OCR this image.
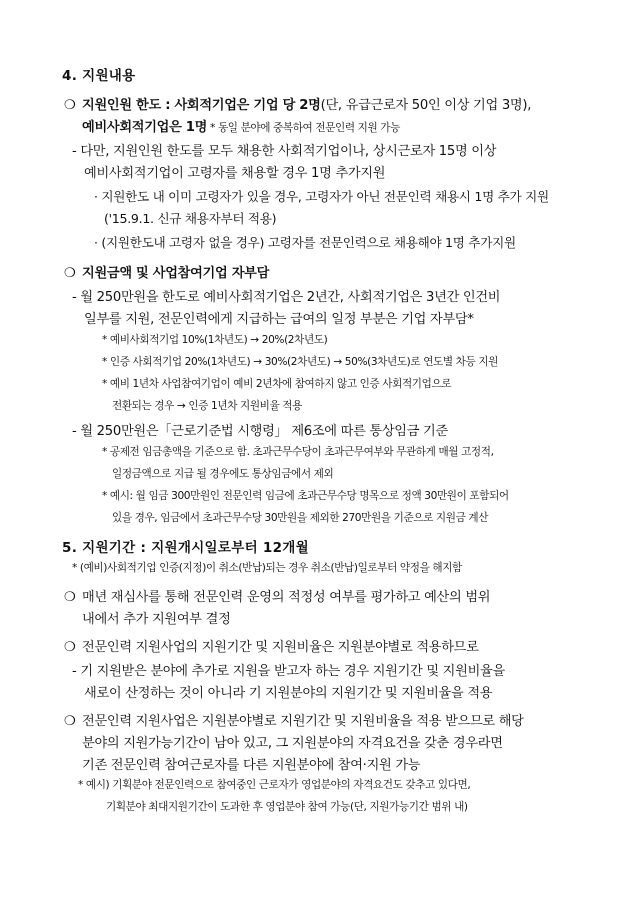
4. 지원내용
❍ 지원인원 한도 : 사회적기업은 기업 당 2명(단, 유급근로자 50인 이상 기업 3명),
예비사회적기업은 1명 * 동일 분야에 중복하여 전문인력 지원 가능
- 다만, 지원인원 한도를 모두 채용한 사회적기업이나, 상시근로자 15명 이상
예비사회적기업이 고령자를 채용할 경우 1명 추가지원
· 지원한도 내 이미 고령자가 있을 경우, 고령자가 아닌 전문인력 채용시 1명 추가 지원
('15.9.1. 신규 채용자부터 적용)
· (지원한도내 고령자 없을 경우) 고령자를 전문인력으로 채용해야 1명 추가지원
❍ 지원금액 및 사업참여기업 자부담
- 월 250만원을 한도로 예비사회적기업은 2년간, 사회적기업은 3년간 인건비
일부를 지원, 전문인력에게 지급하는 급여의 일정 부분은 기업 자부담*
* 예비사회적기업 10%(1차년도) → 20%(2차년도)
* 인증 사회적기업 20%(1차년도) → 30%(2차년도) → 50%(3차년도)로 연도별 차등 지원
* 예비 1년차 사업참여기업이 예비 2년차에 참여하지 않고 인증 사회적기업으로
전환되는 경우 → 인증 1년차 지원비율 적용
- 월 250만원은「근로기준법 시행령」 제6조에 따른 통상임금 기준
* 공제전 임금총액을 기준으로 함. 초과근무수당이 초과근무여부와 무관하게 매월 고정적,
일정금액으로 지급 될 경우에도 통상임금에서 제외
* 예시: 월 임금 300만원인 전문인력 임금에 초과근무수당 명목으로 정액 30만원이 포함되어
있을 경우, 임금에서 초과근무수당 30만원을 제외한 270만원을 기준으로 지원금 계산
5. 지원기간 : 지원개시일로부터 12개월
* (예비)사회적기업 인증(지정)이 취소(반납)되는 경우 취소(반납)일로부터 약정을 해지함
❍ 매년 재심사를 통해 전문인력 운영의 적정성 여부를 평가하고 예산의 범위
내에서 추가 지원여부 결정
❍ 전문인력 지원사업의 지원기간 및 지원비율은 지원분야별로 적용하므로
- 기 지원받은 분야에 추가로 지원을 받고자 하는 경우 지원기간 및 지원비율을
새로이 산정하는 것이 아니라 기 지원분야의 지원기간 및 지원비율을 적용
❍ 전문인력 지원사업은 지원분야별로 지원기간 및 지원비율을 적용 받으므로 해당
분야의 지원가능기간이 남아 있고, 그 지원분야의 자격요건을 갖춘 경우라면
기존 전문인력 참여근로자를 다른 지원분야에 참여·지원 가능
* 예시) 기획분야 전문인력으로 참여중인 근로자가 영업분야의 자격요건도 갖추고 있다면,
기획분야 최대지원기간이 도과한 후 영업분야 참여 가능(단, 지원가능기간 범위 내)
